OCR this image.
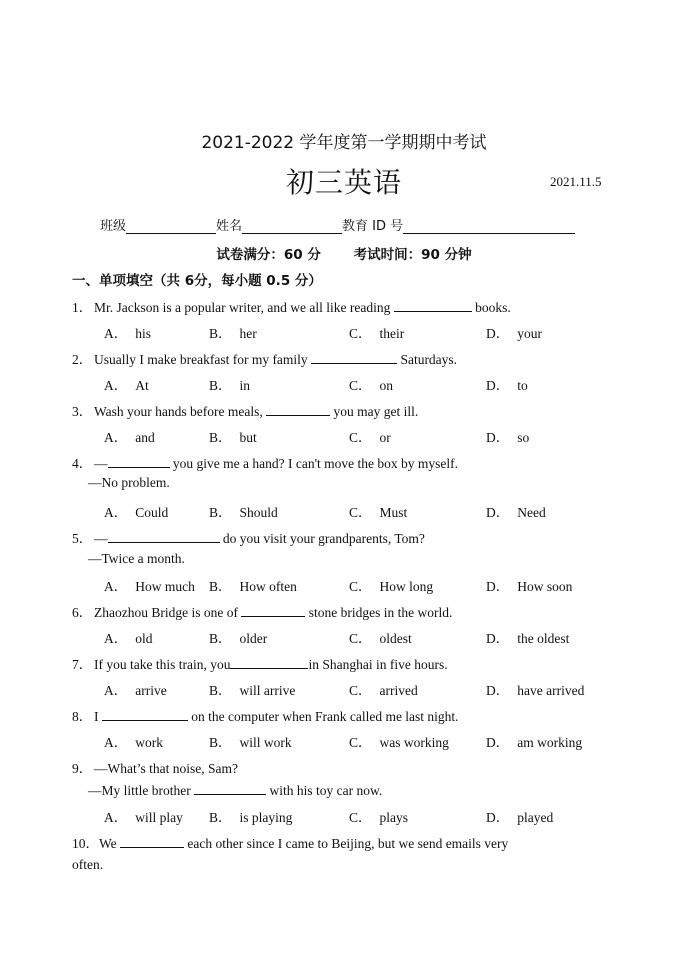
2021-2022 学年度第一学期期中考试
初三英语	2021.11.5
班级	姓名	教育 ID 号
试卷满分：60 分 考试时间：90 分钟
一、单项填空（共 6分，每小题 0.5 分）
1． Mr. Jackson is a popular writer, and we all like reading	books.
A． his	B． her	C． their	D． your
2． Usually I make breakfast for my family	Saturdays.
A． At	B． in	C． on	D． to
3． Wash your hands before meals,	you may get ill.
A． and	B． but	C． or	D． so
4． —	you give me a hand? I can't move the box by myself.
—No problem.
A． Could	B． Should	C． Must	D． Need
5． —	do you visit your grandparents, Tom?
—Twice a month.
A． How much B． How often	C． How long	D． How soon
6． Zhaozhou Bridge is one of	stone bridges in the world.
A． old	B． older	C． oldest	D． the oldest
7． If you take this train, you	in Shanghai in five hours.
A． arrive	B． will arrive	C． arrived	D． have arrived
8． I	on the computer when Frank called me last night.
A． work	B． will work	C． was working	D． am working
9． —What’s that noise, Sam?
—My little brother	with his toy car now.
A． will play B． is playing	C． plays	D． played
10．We	each other since I came to Beijing, but we send emails very
often.
